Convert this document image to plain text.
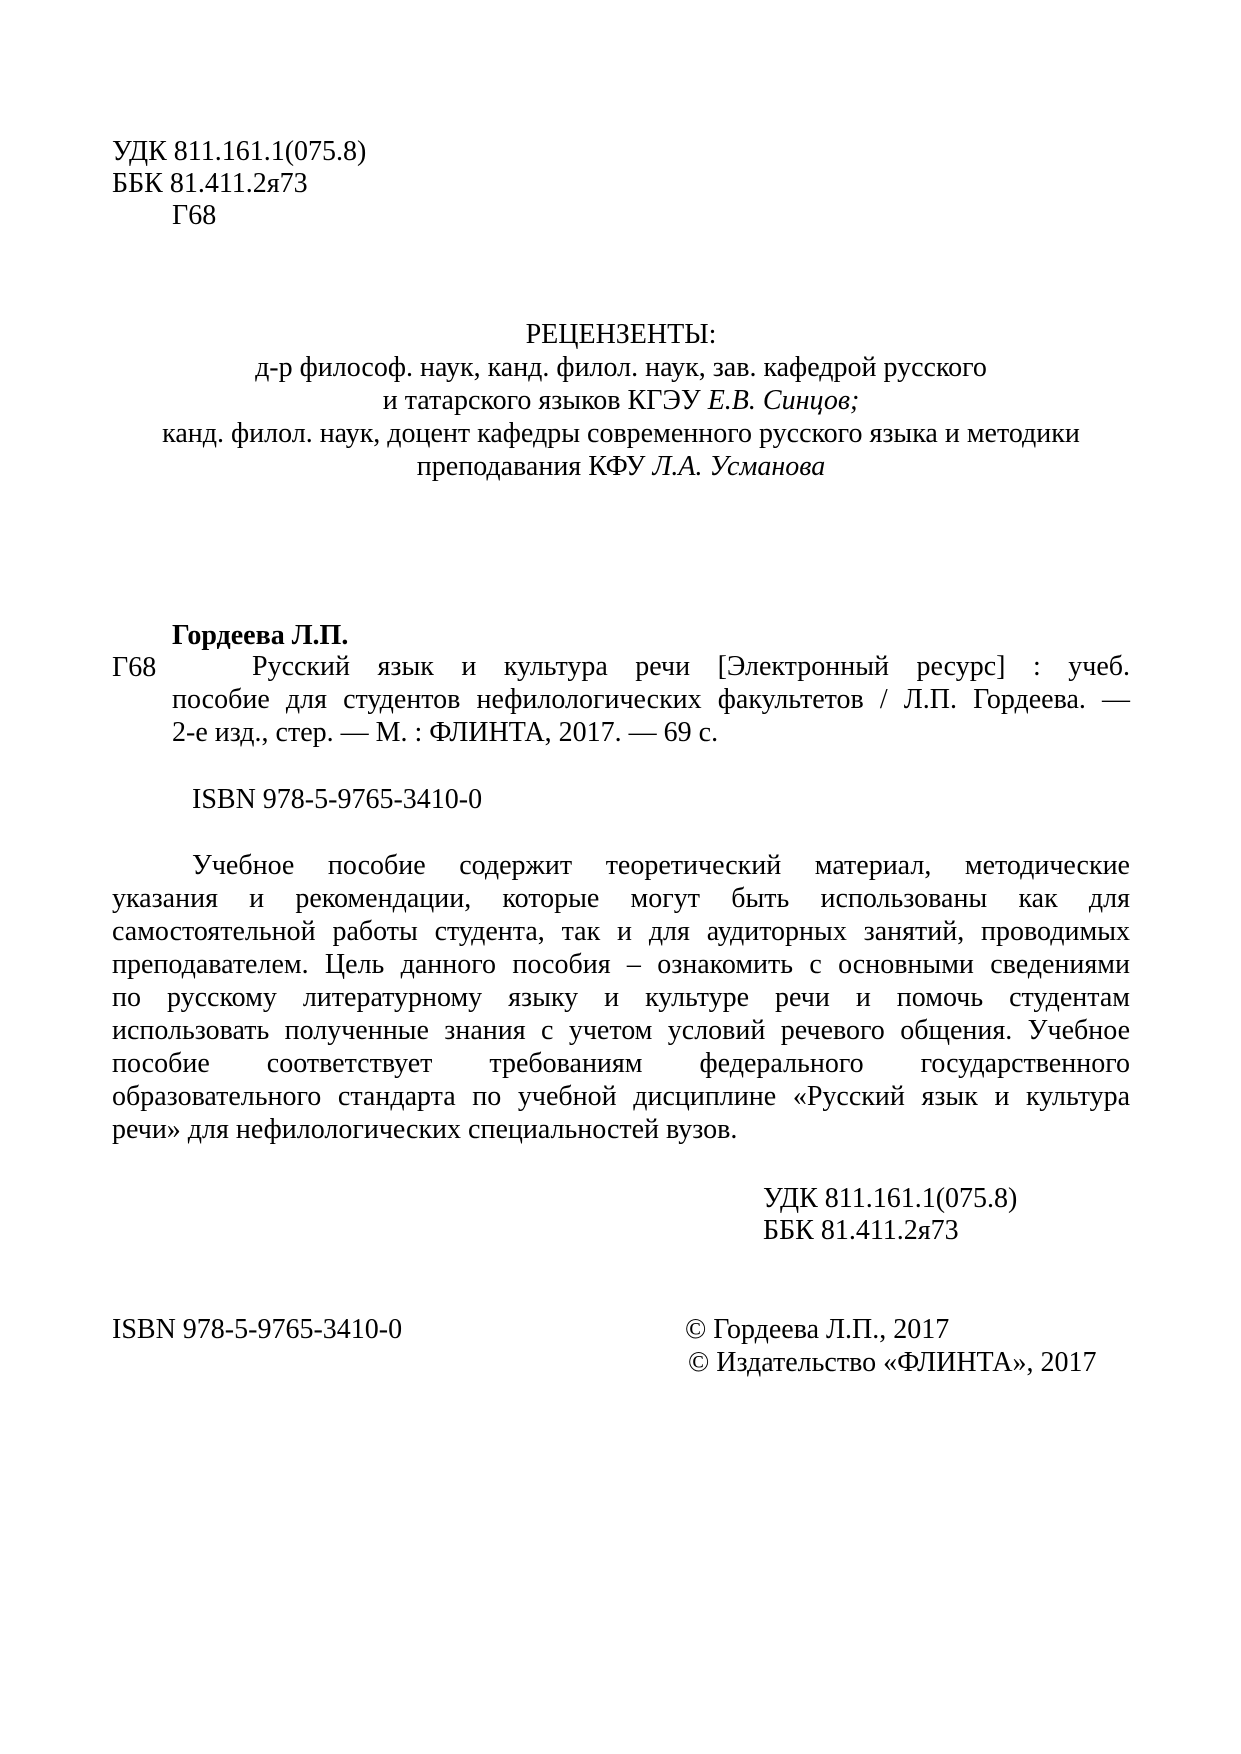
УДК 811.161.1(075.8)
ББК 81.411.2я73
Г68
РЕЦЕНЗЕНТЫ:
д-р философ. наук, канд. филол. наук, зав. кафедрой русского
и татарского языков КГЭУ Е.В. Синцов;
канд. филол. наук, доцент кафедры современного русского языка и методики
преподавания КФУ Л.А. Усманова
Гордеева Л.П.
Г68	Русский язык и культура речи [Электронный ресурс] : учеб.
пособие для студентов нефилологических факультетов / Л.П. Гордеева. —
2-е изд., стер. — М. : ФЛИНТА, 2017. — 69 с.
ISBN 978-5-9765-3410-0
Учебное пособие содержит теоретический материал, методические
указания и рекомендации, которые могут быть использованы как для
самостоятельной работы студента, так и для аудиторных занятий, проводимых
преподавателем. Цель данного пособия – ознакомить с основными сведениями
по русскому литературному языку и культуре речи и помочь студентам
использовать полученные знания с учетом условий речевого общения. Учебное
пособие соответствует требованиям федерального государственного
образовательного стандарта по учебной дисциплине «Русский язык и культура
речи» для нефилологических специальностей вузов.
УДК 811.161.1(075.8)
ББК 81.411.2я73
ISBN 978-5-9765-3410-0	© Гордеева Л.П., 2017
© Издательство «ФЛИНТА», 2017
